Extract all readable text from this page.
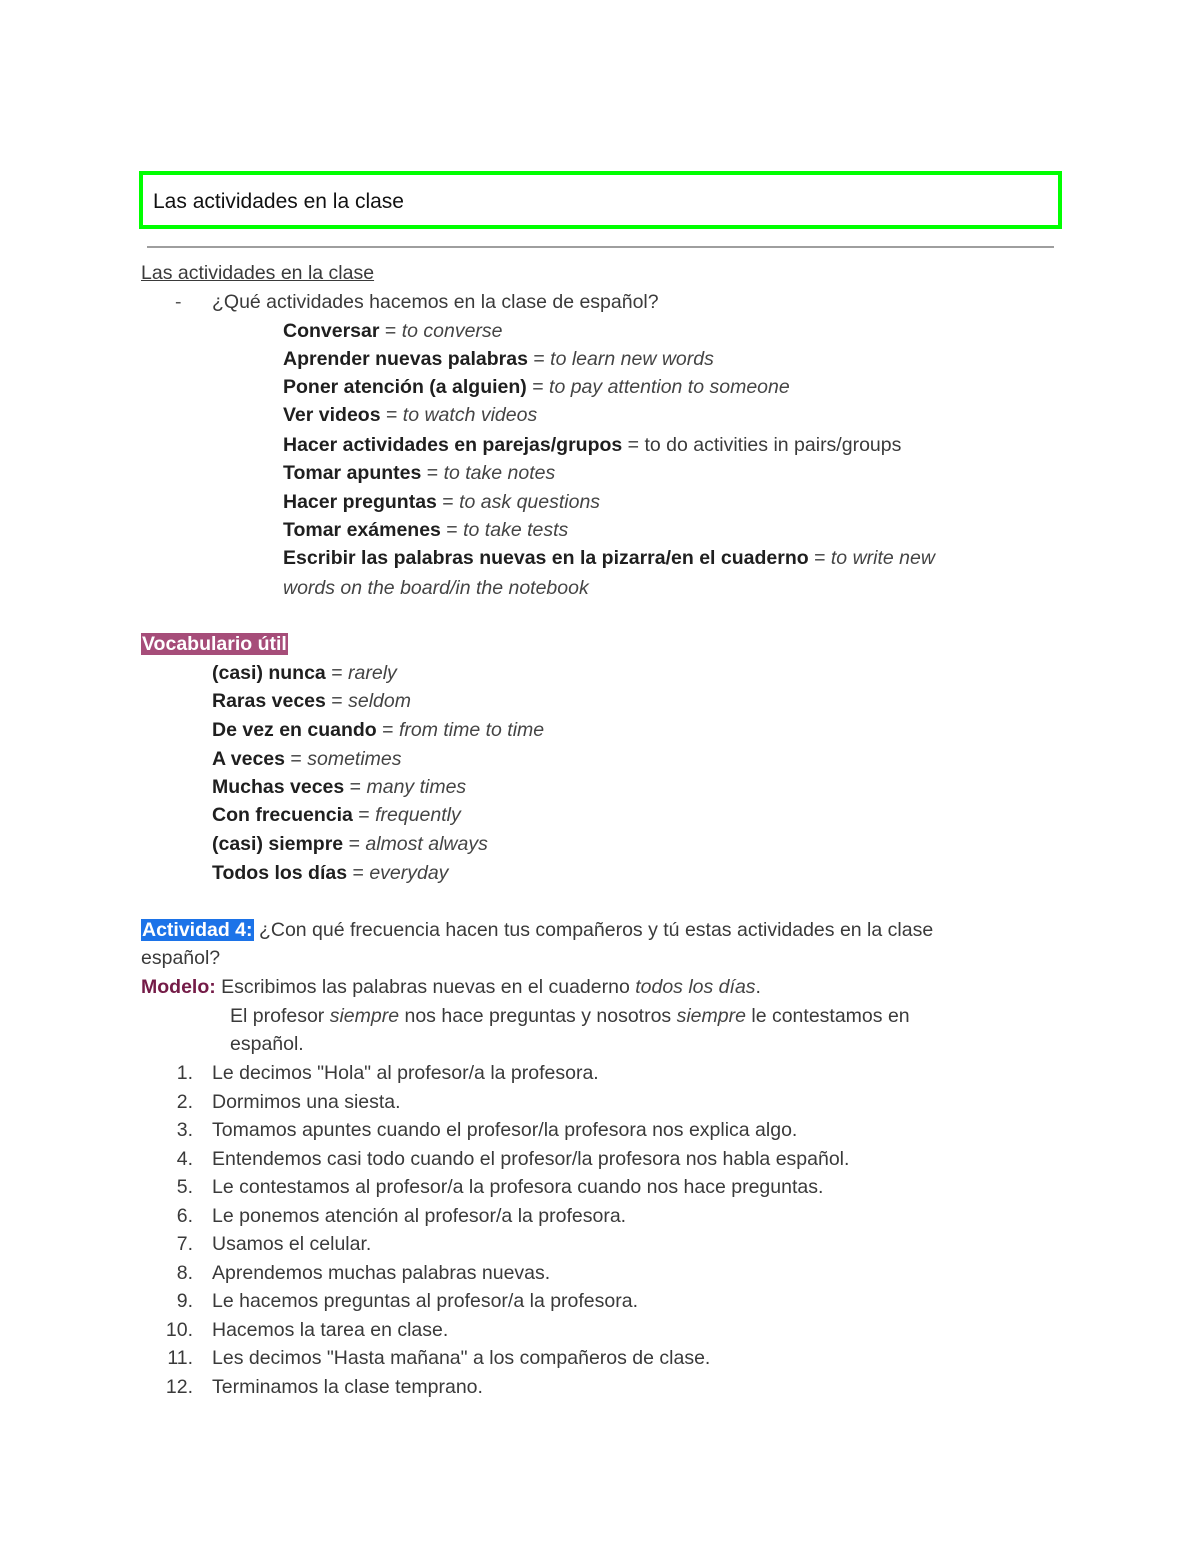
Las actividades en la clase
Las actividades en la clase
- ¿Qué actividades hacemos en la clase de español?
Conversar = to converse
Aprender nuevas palabras = to learn new words
Poner atención (a alguien) = to pay attention to someone
Ver videos = to watch videos
Hacer actividades en parejas/grupos = to do activities in pairs/groups
Tomar apuntes = to take notes
Hacer preguntas = to ask questions
Tomar exámenes = to take tests
Escribir las palabras nuevas en la pizarra/en el cuaderno = to write new
words on the board/in the notebook
Vocabulario útil
(casi) nunca = rarely
Raras veces = seldom
De vez en cuando = from time to time
A veces = sometimes
Muchas veces = many times
Con frecuencia = frequently
(casi) siempre = almost always
Todos los días = everyday
Actividad 4: ¿Con qué frecuencia hacen tus compañeros y tú estas actividades en la clase
español?
Modelo: Escribimos las palabras nuevas en el cuaderno todos los días.
El profesor siempre nos hace preguntas y nosotros siempre le contestamos en
español.
1. Le decimos "Hola" al profesor/a la profesora.
2. Dormimos una siesta.
3. Tomamos apuntes cuando el profesor/la profesora nos explica algo.
4. Entendemos casi todo cuando el profesor/la profesora nos habla español.
5. Le contestamos al profesor/a la profesora cuando nos hace preguntas.
6. Le ponemos atención al profesor/a la profesora.
7. Usamos el celular.
8. Aprendemos muchas palabras nuevas.
9. Le hacemos preguntas al profesor/a la profesora.
10. Hacemos la tarea en clase.
11. Les decimos "Hasta mañana" a los compañeros de clase.
12. Terminamos la clase temprano.
